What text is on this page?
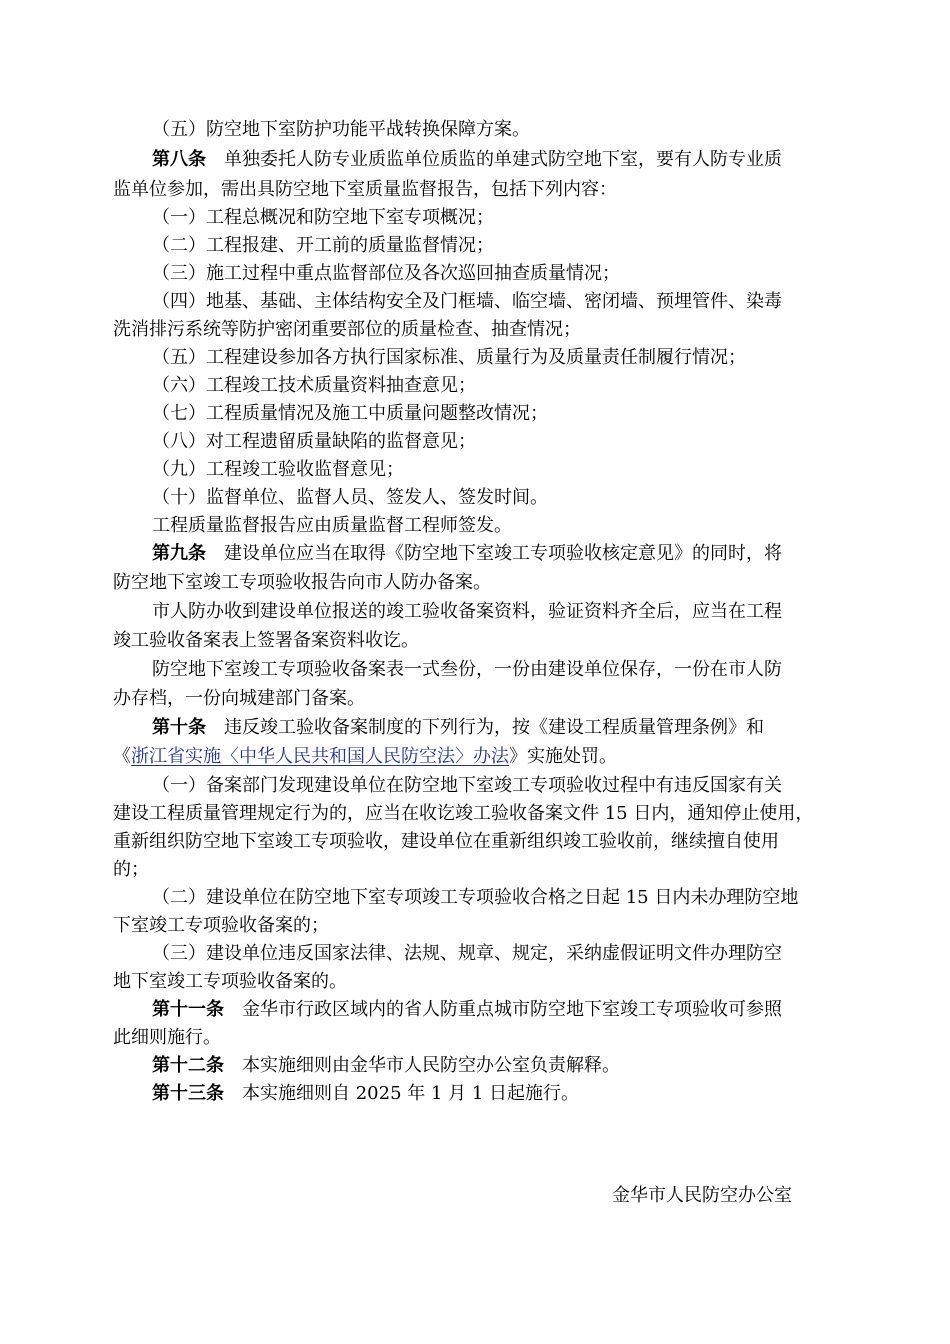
（五）防空地下室防护功能平战转换保障方案。
第八条 单独委托人防专业质监单位质监的单建式防空地下室，要有人防专业质
监单位参加，需出具防空地下室质量监督报告，包括下列内容：
（一）工程总概况和防空地下室专项概况；
（二）工程报建、开工前的质量监督情况；
（三）施工过程中重点监督部位及各次巡回抽查质量情况；
（四）地基、基础、主体结构安全及门框墙、临空墙、密闭墙、预埋管件、染毒
洗消排污系统等防护密闭重要部位的质量检查、抽查情况；
（五）工程建设参加各方执行国家标准、质量行为及质量责任制履行情况；
（六）工程竣工技术质量资料抽查意见；
（七）工程质量情况及施工中质量问题整改情况；
（八）对工程遗留质量缺陷的监督意见；
（九）工程竣工验收监督意见；
（十）监督单位、监督人员、签发人、签发时间。
工程质量监督报告应由质量监督工程师签发。
第九条 建设单位应当在取得《防空地下室竣工专项验收核定意见》的同时，将
防空地下室竣工专项验收报告向市人防办备案。
市人防办收到建设单位报送的竣工验收备案资料，验证资料齐全后，应当在工程
竣工验收备案表上签署备案资料收讫。
防空地下室竣工专项验收备案表一式叁份，一份由建设单位保存，一份在市人防
办存档，一份向城建部门备案。
第十条 违反竣工验收备案制度的下列行为，按《建设工程质量管理条例》和
《浙江省实施〈中华人民共和国人民防空法〉办法》实施处罚。
（一）备案部门发现建设单位在防空地下室竣工专项验收过程中有违反国家有关
建设工程质量管理规定行为的，应当在收讫竣工验收备案文件 15 日内，通知停止使用，
重新组织防空地下室竣工专项验收，建设单位在重新组织竣工验收前，继续擅自使用
的；
（二）建设单位在防空地下室专项竣工专项验收合格之日起 15 日内未办理防空地
下室竣工专项验收备案的；
（三）建设单位违反国家法律、法规、规章、规定，采纳虚假证明文件办理防空
地下室竣工专项验收备案的。
第十一条 金华市行政区域内的省人防重点城市防空地下室竣工专项验收可参照
此细则施行。
第十二条 本实施细则由金华市人民防空办公室负责解释。
第十三条 本实施细则自 2025 年 1 月 1 日起施行。
金华市人民防空办公室
